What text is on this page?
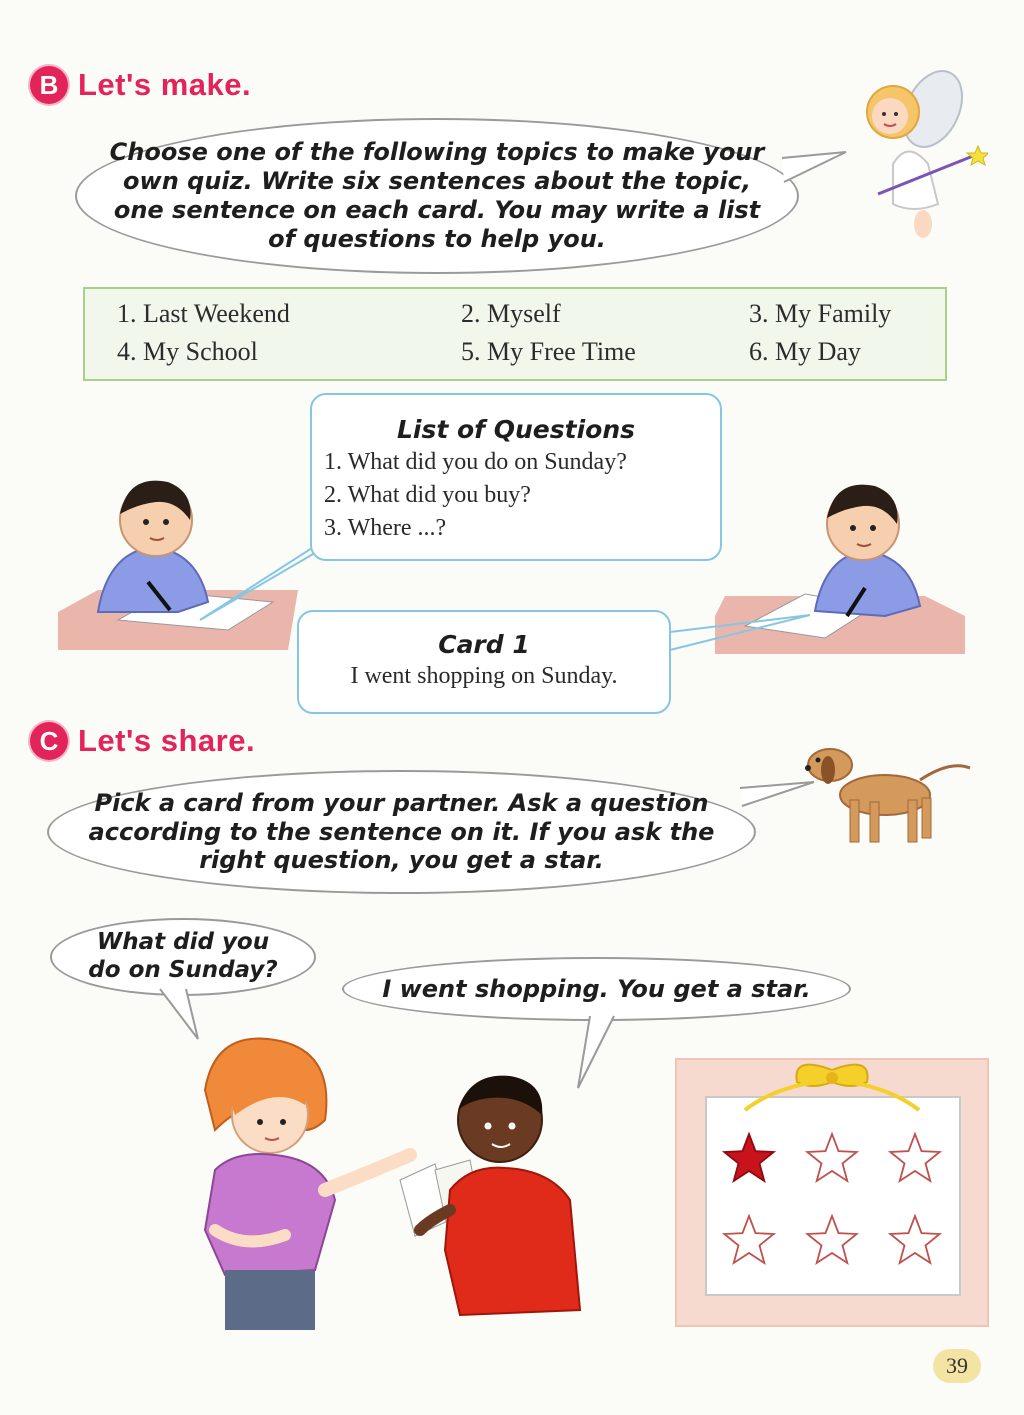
B Let's make.
Choose one of the following topics to make your own quiz. Write six sentences about the topic, one sentence on each card. You may write a list of questions to help you.
1. Last Weekend	2. Myself	3. My Family
4. My School	5. My Free Time	6. My Day
List of Questions
1. What did you do on Sunday?
2. What did you buy?
3. Where ...?
Card 1
I went shopping on Sunday.
C Let's share.
Pick a card from your partner. Ask a question according to the sentence on it. If you ask the right question, you get a star.
What did you do on Sunday?
I went shopping. You get a star.
39
